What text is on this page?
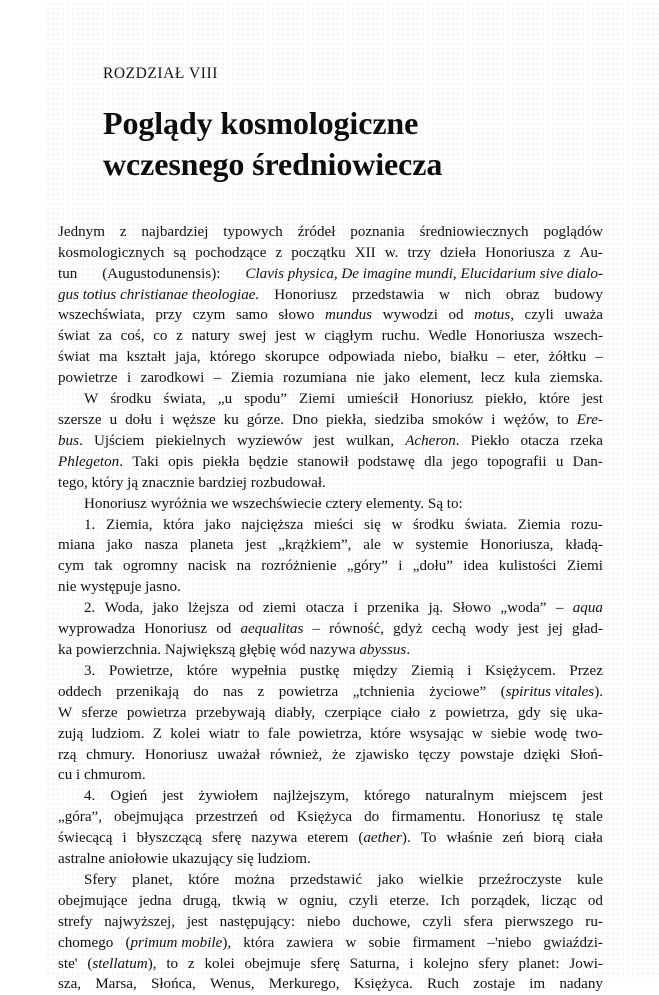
ROZDZIAŁ VIII
Poglądy kosmologiczne
wczesnego średniowiecza

Jednym z najbardziej typowych źródeł poznania średniowiecznych poglądów
kosmologicznych są pochodzące z początku XII w. trzy dzieła Honoriusza z Au-
tun (Augustodunensis): Clavis physica, De imagine mundi, Elucidarium sive dialo-
gus totius christianae theologiae. Honoriusz przedstawia w nich obraz budowy
wszechświata, przy czym samo słowo mundus wywodzi od motus, czyli uważa
świat za coś, co z natury swej jest w ciągłym ruchu. Wedle Honoriusza wszech-
świat ma kształt jaja, którego skorupce odpowiada niebo, białku – eter, żółtku –
powietrze i zarodkowi – Ziemia rozumiana nie jako element, lecz kula ziemska.

W środku świata, „u spodu” Ziemi umieścił Honoriusz piekło, które jest
szersze u dołu i węższe ku górze. Dno piekła, siedziba smoków i wężów, to Ere-
bus. Ujściem piekielnych wyziewów jest wulkan, Acheron. Piekło otacza rzeka
Phlegeton. Taki opis piekła będzie stanowił podstawę dla jego topografii u Dan-
tego, który ją znacznie bardziej rozbudował.

Honoriusz wyróżnia we wszechświecie cztery elementy. Są to:

1. Ziemia, która jako najcięższa mieści się w środku świata. Ziemia rozu-
miana jako nasza planeta jest „krążkiem”, ale w systemie Honoriusza, kładą-
cym tak ogromny nacisk na rozróżnienie „góry” i „dołu” idea kulistości Ziemi
nie występuje jasno.

2. Woda, jako lżejsza od ziemi otacza i przenika ją. Słowo „woda” – aqua
wyprowadza Honoriusz od aequalitas – równość, gdyż cechą wody jest jej gład-
ka powierzchnia. Największą głębię wód nazywa abyssus.

3. Powietrze, które wypełnia pustkę między Ziemią i Księżycem. Przez
oddech przenikają do nas z powietrza „tchnienia życiowe” (spiritus vitales).
W sferze powietrza przebywają diabły, czerpiące ciało z powietrza, gdy się uka-
zują ludziom. Z kolei wiatr to fale powietrza, które wsysając w siebie wodę two-
rzą chmury. Honoriusz uważał również, że zjawisko tęczy powstaje dzięki Słoń-
cu i chmurom.

4. Ogień jest żywiołem najlżejszym, którego naturalnym miejscem jest
„góra”, obejmująca przestrzeń od Księżyca do firmamentu. Honoriusz tę stale
świecącą i błyszczącą sferę nazywa eterem (aether). To właśnie zeń biorą ciała
astralne aniołowie ukazujący się ludziom.

Sfery planet, które można przedstawić jako wielkie przeźroczyste kule
obejmujące jedna drugą, tkwią w ogniu, czyli eterze. Ich porządek, licząc od
strefy najwyższej, jest następujący: niebo duchowe, czyli sfera pierwszego ru-
chomego (primum mobile), która zawiera w sobie firmament –'niebo gwiaździ-
ste' (stellatum), to z kolei obejmuje sferę Saturna, i kolejno sfery planet: Jowi-
sza, Marsa, Słońca, Wenus, Merkurego, Księżyca. Ruch zostaje im nadany
